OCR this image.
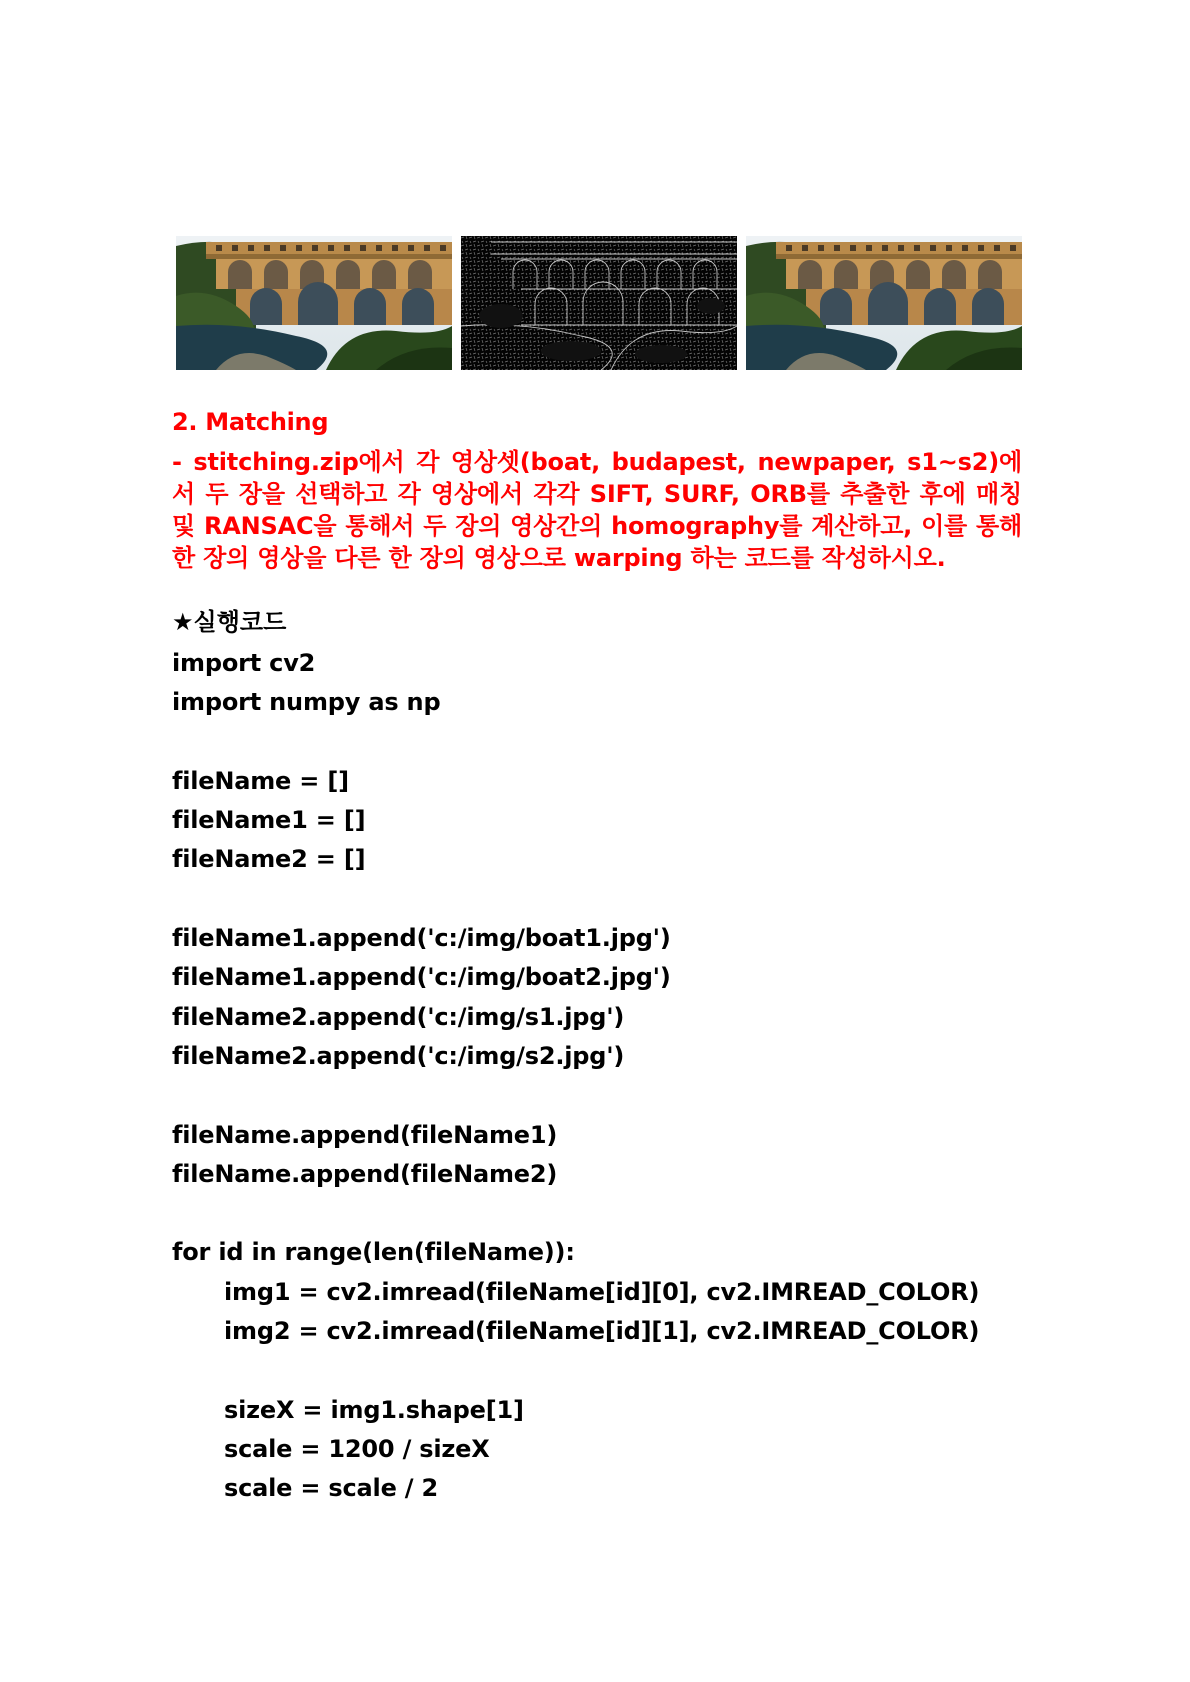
2. Matching

- stitching.zip에서 각 영상셋(boat, budapest, newpaper, s1~s2)에서 두 장을 선택하고 각 영상에서 각각 SIFT, SURF, ORB를 추출한 후에 매칭 및 RANSAC을 통해서 두 장의 영상간의 homography를 계산하고, 이를 통해 한 장의 영상을 다른 한 장의 영상으로 warping 하는 코드를 작성하시오.

★실행코드

import cv2
import numpy as np
fileName = []
fileName1 = []
fileName2 = []
fileName1.append('c:/img/boat1.jpg')
fileName1.append('c:/img/boat2.jpg')
fileName2.append('c:/img/s1.jpg')
fileName2.append('c:/img/s2.jpg')
fileName.append(fileName1)
fileName.append(fileName2)
for id in range(len(fileName)):
img1 = cv2.imread(fileName[id][0], cv2.IMREAD_COLOR)
img2 = cv2.imread(fileName[id][1], cv2.IMREAD_COLOR)
sizeX = img1.shape[1]
scale = 1200 / sizeX
scale = scale / 2
